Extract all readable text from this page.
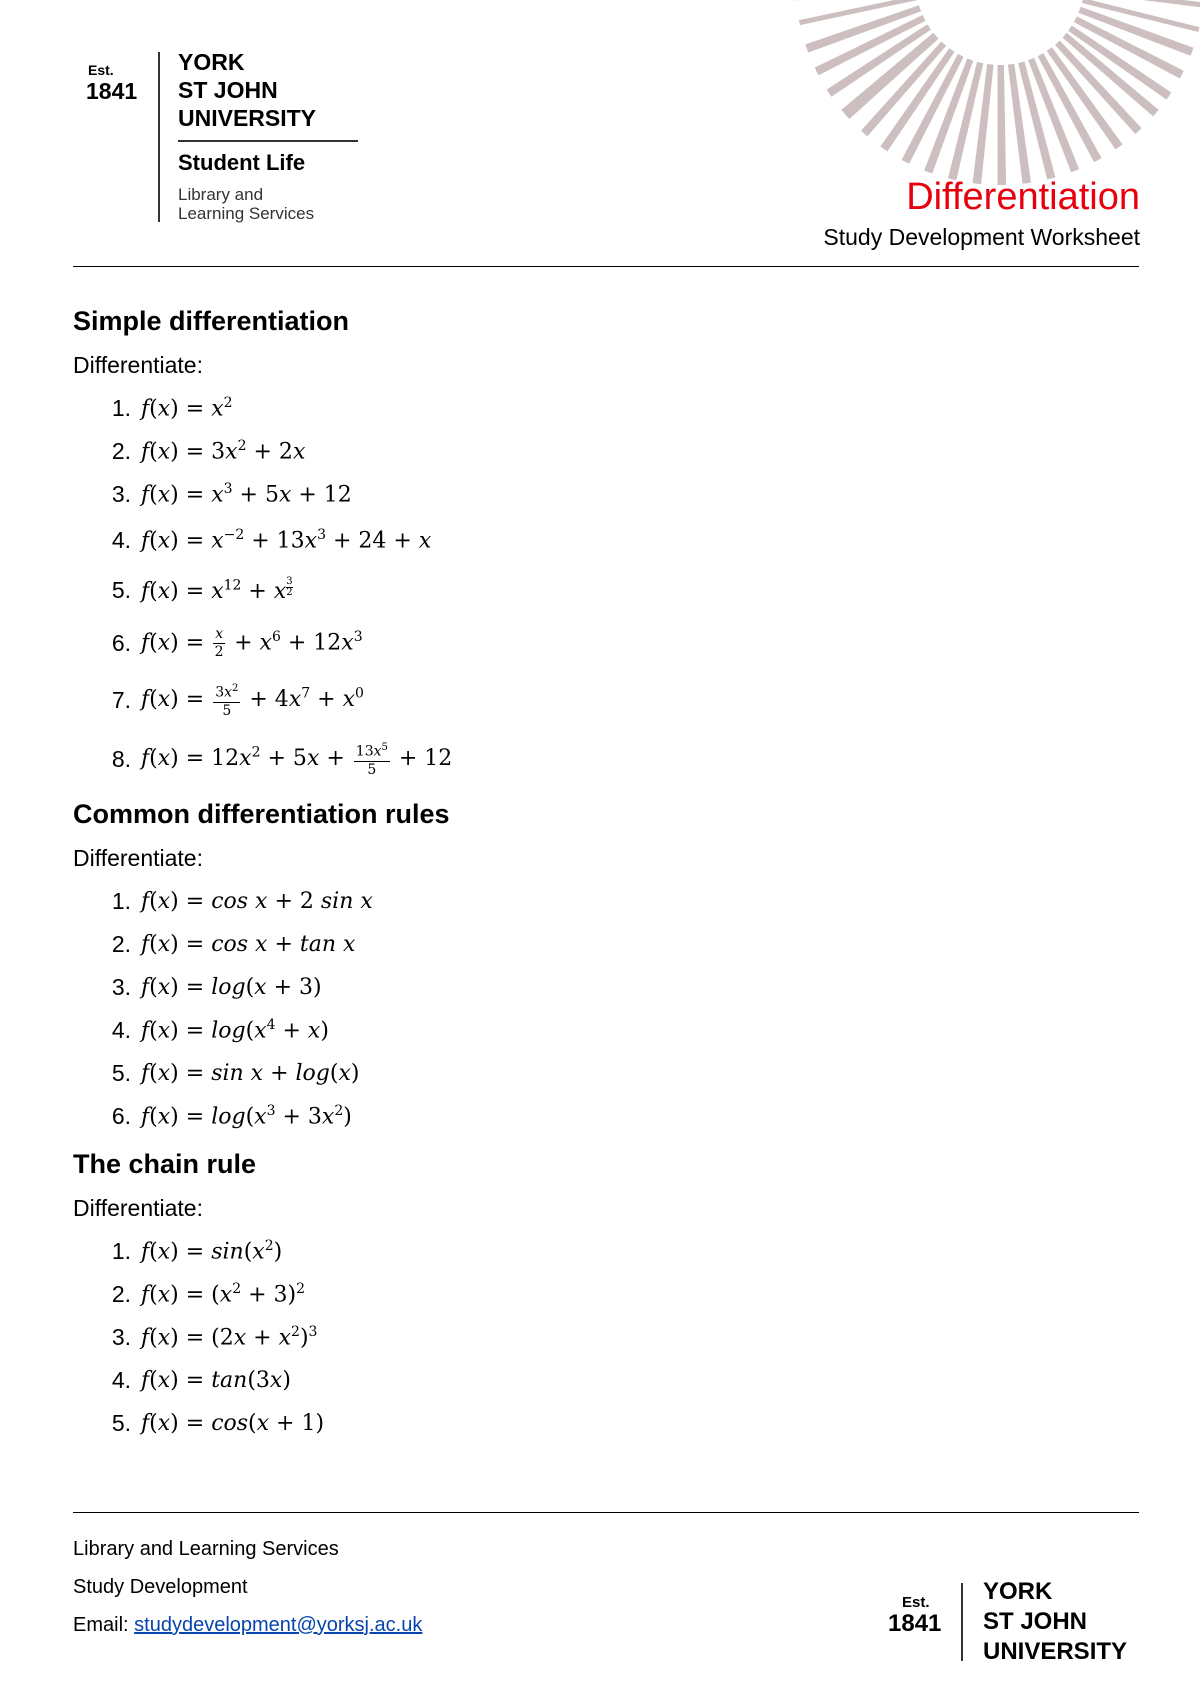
Est.
1841
YORK
ST JOHN
UNIVERSITY
Student Life
Library and
Learning Services	Differentiation
Study Development Worksheet
Simple differentiation
Differentiate:
1. $f(x) = x^2$
2. $f(x) = 3x^2 + 2x$
3. $f(x) = x^3 + 5x + 12$
4. $f(x) = x^{-2} + 13x^3 + 24 + x$
5. $f(x) = x^{12} + x \frac{3}{2}$
6. $f(x) = \frac{x}{2} + x^6 + 12x^3$
7. $f(x) = \frac{3x^2}{5} + 4x^7 + x^0$
8. $f(x) = 12x^2 + 5x + \frac{13x^5}{5} + 12$
Common differentiation rules
Differentiate:
1. f(x) = cos x + 2 sin x
2. f(x) = cos x + tan x
3. f(x) = log(x + 3)
4. $f(x) = \log(x^4 + x)$
5. f(x) = sin x + log(x)
6. $f(x) = \log(x^3 + 3x^2)$
The chain rule
Differentiate:
1. $f(x) = \sin(x^2)$
2. $f(x) = (x^2 + 3)^2$
3. $f(x) = (2x + x^2)^3$
4. f(x) = tan(3x)
5. f(x) = cos(x + 1)
Library and Learning Services
Study Development
Email: studydevelopment@yorksj.ac.uk
Est.
1841
YORK
ST JOHN
UNIVERSITY
